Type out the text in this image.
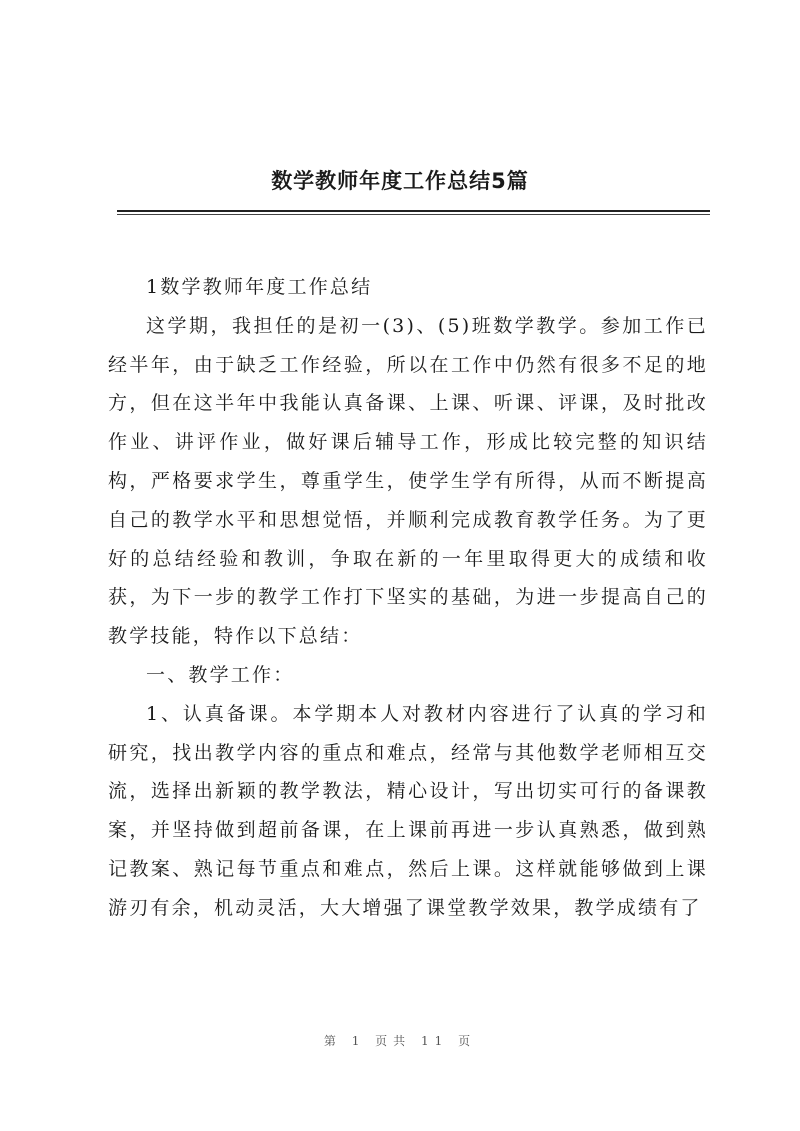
数学教师年度工作总结5篇

1数学教师年度工作总结

这学期，我担任的是初一(3)、(5)班数学教学。参加工作已经半年，由于缺乏工作经验，所以在工作中仍然有很多不足的地方，但在这半年中我能认真备课、上课、听课、评课，及时批改作业、讲评作业，做好课后辅导工作，形成比较完整的知识结构，严格要求学生，尊重学生，使学生学有所得，从而不断提高自己的教学水平和思想觉悟，并顺利完成教育教学任务。为了更好的总结经验和教训，争取在新的一年里取得更大的成绩和收获，为下一步的教学工作打下坚实的基础，为进一步提高自己的教学技能，特作以下总结：

一、教学工作：

1、认真备课。本学期本人对教材内容进行了认真的学习和研究，找出教学内容的重点和难点，经常与其他数学老师相互交流，选择出新颖的教学教法，精心设计，写出切实可行的备课教案，并坚持做到超前备课，在上课前再进一步认真熟悉，做到熟记教案、熟记每节重点和难点，然后上课。这样就能够做到上课游刃有余，机动灵活，大大增强了课堂教学效果，教学成绩有了

第 1 页共 11 页
